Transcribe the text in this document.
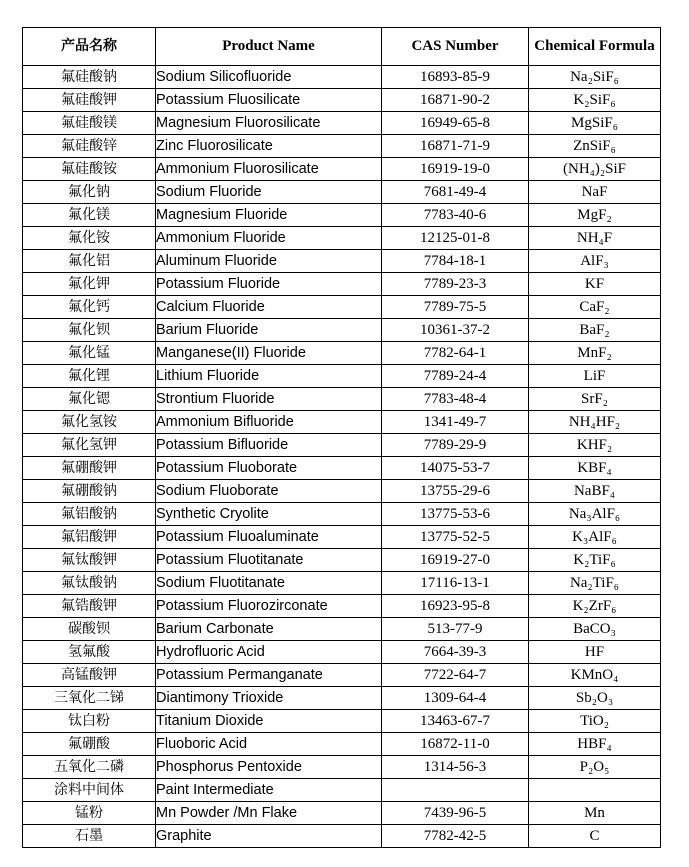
产品名称	Product Name	CAS Number	Chemical Formula
氟硅酸钠	Sodium Silicofluoride	16893-85-9	Na₂SiF₆
氟硅酸钾	Potassium Fluosilicate	16871-90-2	K₂SiF₆
氟硅酸镁	Magnesium Fluorosilicate	16949-65-8	MgSiF₆
氟硅酸锌	Zinc Fluorosilicate	16871-71-9	ZnSiF₆
氟硅酸铵	Ammonium Fluorosilicate	16919-19-0	(NH₄)₂SiF
氟化钠	Sodium Fluoride	7681-49-4	NaF
氟化镁	Magnesium Fluoride	7783-40-6	MgF₂
氟化铵	Ammonium Fluoride	12125-01-8	NH₄F
氟化铝	Aluminum Fluoride	7784-18-1	AlF₃
氟化钾	Potassium Fluoride	7789-23-3	KF
氟化钙	Calcium Fluoride	7789-75-5	CaF₂
氟化钡	Barium Fluoride	10361-37-2	BaF₂
氟化锰	Manganese(II) Fluoride	7782-64-1	MnF₂
氟化锂	Lithium Fluoride	7789-24-4	LiF
氟化锶	Strontium Fluoride	7783-48-4	SrF₂
氟化氢铵	Ammonium Bifluoride	1341-49-7	NH₄HF₂
氟化氢钾	Potassium Bifluoride	7789-29-9	KHF₂
氟硼酸钾	Potassium Fluoborate	14075-53-7	KBF₄
氟硼酸钠	Sodium Fluoborate	13755-29-6	NaBF₄
氟铝酸钠	Synthetic Cryolite	13775-53-6	Na₃AlF₆
氟铝酸钾	Potassium Fluoaluminate	13775-52-5	K₃AlF₆
氟钛酸钾	Potassium Fluotitanate	16919-27-0	K₂TiF₆
氟钛酸钠	Sodium Fluotitanate	17116-13-1	Na₂TiF₆
氟锆酸钾	Potassium Fluorozirconate	16923-95-8	K₂ZrF₆
碳酸钡	Barium Carbonate	513-77-9	BaCO₃
氢氟酸	Hydrofluoric Acid	7664-39-3	HF
高锰酸钾	Potassium Permanganate	7722-64-7	KMnO₄
三氧化二锑	Diantimony Trioxide	1309-64-4	Sb₂O₃
钛白粉	Titanium Dioxide	13463-67-7	TiO₂
氟硼酸	Fluoboric Acid	16872-11-0	HBF₄
五氧化二磷	Phosphorus Pentoxide	1314-56-3	P₂O₅
涂料中间体	Paint Intermediate		
锰粉	Mn Powder /Mn Flake	7439-96-5	Mn
石墨	Graphite	7782-42-5	C
